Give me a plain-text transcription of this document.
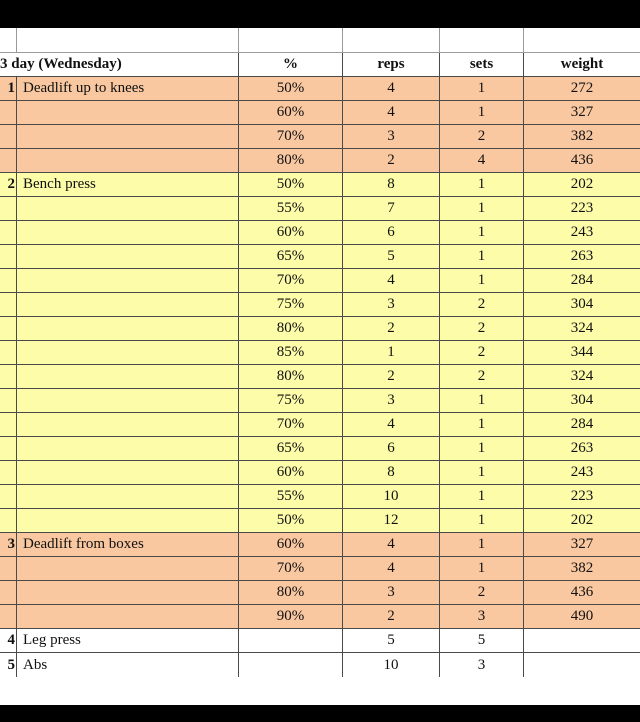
3 day (Wednesday)		%	reps	sets	weight
1	Deadlift up to knees	50%	4	1	272
		60%	4	1	327
		70%	3	2	382
		80%	2	4	436
2	Bench press	50%	8	1	202
		55%	7	1	223
		60%	6	1	243
		65%	5	1	263
		70%	4	1	284
		75%	3	2	304
		80%	2	2	324
		85%	1	2	344
		80%	2	2	324
		75%	3	1	304
		70%	4	1	284
		65%	6	1	263
		60%	8	1	243
		55%	10	1	223
		50%	12	1	202
3	Deadlift from boxes	60%	4	1	327
		70%	4	1	382
		80%	3	2	436
		90%	2	3	490
4	Leg press		5	5	
5	Abs		10	3	
